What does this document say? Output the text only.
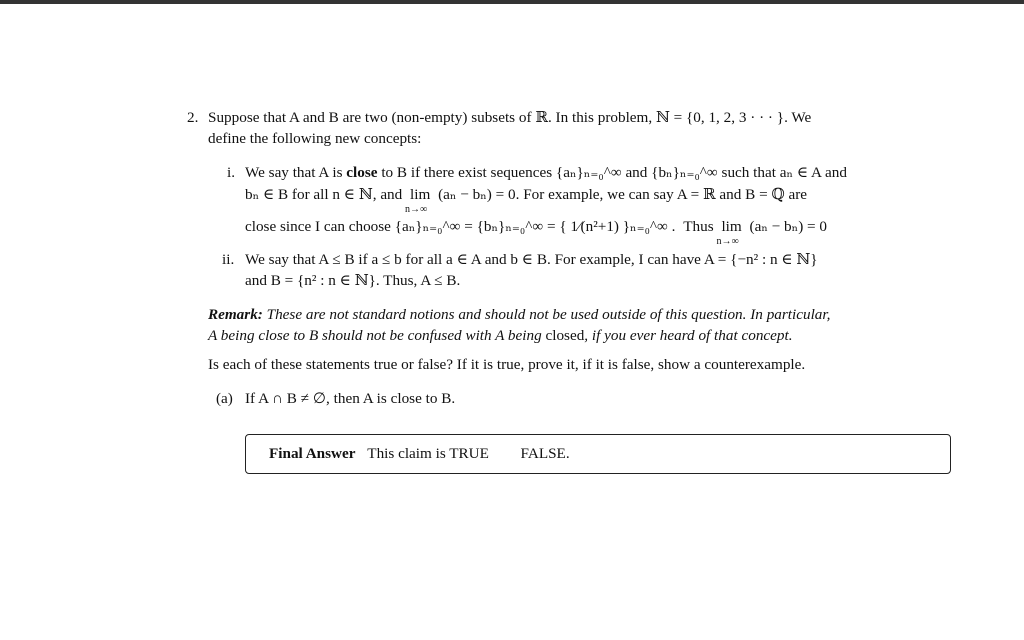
2. Suppose that A and B are two (non-empty) subsets of ℝ. In this problem, ℕ = {0, 1, 2, 3 · · · }. We
define the following new concepts:
i. We say that A is close to B if there exist sequences {aₙ}ₙ₌₀^∞ and {bₙ}ₙ₌₀^∞ such that aₙ ∈ A and
bₙ ∈ B for all n ∈ ℕ, and lim
n→∞
(aₙ − bₙ) = 0. For example, we can say A = ℝ and B = ℚ are
close since I can choose {aₙ}ₙ₌₀^∞ = {bₙ}ₙ₌₀^∞ = { 1⁄(n²+1) }ₙ₌₀^∞ . Thus lim
n→∞
(aₙ − bₙ) = 0
ii. We say that A ≤ B if a ≤ b for all a ∈ A and b ∈ B. For example, I can have A = {−n² : n ∈ ℕ}
and B = {n² : n ∈ ℕ}. Thus, A ≤ B.
Remark: These are not standard notions and should not be used outside of this question. In particular,
A being close to B should not be confused with A being closed, if you ever heard of that concept.
Is each of these statements true or false? If it is true, prove it, if it is false, show a counterexample.
(a) If A ∩ B ≠ ∅, then A is close to B.
Final Answer This claim is TRUE FALSE.
